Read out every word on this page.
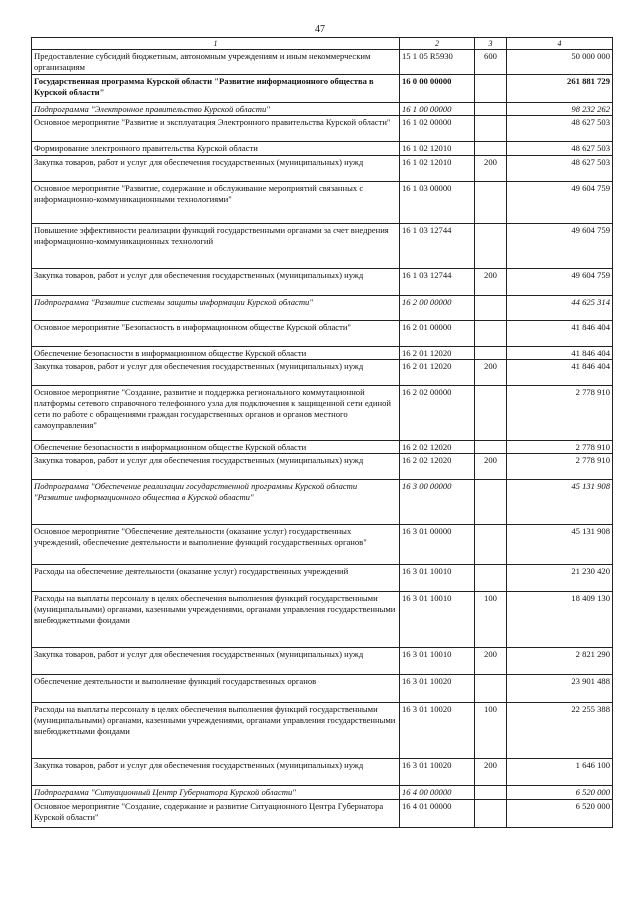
47
1	2	3	4
Предоставление субсидий бюджетным, автономным учреждениям и иным некоммерческим организациям	15 1 05 R5930	600	50 000 000
Государственная программа Курской области "Развитие информационного общества в Курской области"	16 0 00 00000		261 881 729
Подпрограмма "Электронное правительство Курской области"	16 1 00 00000		98 232 262
Основное мероприятие "Развитие и эксплуатация Электронного правительства Курской области"	16 1 02 00000		48 627 503
Формирование электронного правительства Курской области	16 1 02 12010		48 627 503
Закупка товаров, работ и услуг для обеспечения государственных (муниципальных) нужд	16 1 02 12010	200	48 627 503
Основное мероприятие "Развитие, содержание и обслуживание мероприятий связанных с информационно-коммуникационными технологиями"	16 1 03 00000		49 604 759
Повышение эффективности реализации функций государственными органами за счет внедрения информационно-коммуникационных технологий	16 1 03 12744		49 604 759
Закупка товаров, работ и услуг для обеспечения государственных (муниципальных) нужд	16 1 03 12744	200	49 604 759
Подпрограмма "Развитие системы защиты информации Курской области"	16 2 00 00000		44 625 314
Основное мероприятие "Безопасность в информационном обществе Курской области"	16 2 01 00000		41 846 404
Обеспечение безопасности в информационном обществе Курской области	16 2 01 12020		41 846 404
Закупка товаров, работ и услуг для обеспечения государственных (муниципальных) нужд	16 2 01 12020	200	41 846 404
Основное мероприятие "Создание, развитие и поддержка регионального коммутационной платформы сетевого справочного телефонного узла для подключения к защищенной сети единой сети по работе с обращениями граждан государственных органов и органов местного самоуправления"	16 2 02 00000		2 778 910
Обеспечение безопасности в информационном обществе Курской области	16 2 02 12020		2 778 910
Закупка товаров, работ и услуг для обеспечения государственных (муниципальных) нужд	16 2 02 12020	200	2 778 910
Подпрограмма "Обеспечение реализации государственной программы Курской области "Развитие информационного общества в Курской области"	16 3 00 00000		45 131 908
Основное мероприятие "Обеспечение деятельности (оказание услуг) государственных учреждений, обеспечение деятельности и выполнение функций государственных органов"	16 3 01 00000		45 131 908
Расходы на обеспечение деятельности (оказание услуг) государственных учреждений	16 3 01 10010		21 230 420
Расходы на выплаты персоналу в целях обеспечения выполнения функций государственными (муниципальными) органами, казенными учреждениями, органами управления государственными внебюджетными фондами	16 3 01 10010	100	18 409 130
Закупка товаров, работ и услуг для обеспечения государственных (муниципальных) нужд	16 3 01 10010	200	2 821 290
Обеспечение деятельности и выполнение функций государственных органов	16 3 01 10020		23 901 488
Расходы на выплаты персоналу в целях обеспечения выполнения функций государственными (муниципальными) органами, казенными учреждениями, органами управления государственными внебюджетными фондами	16 3 01 10020	100	22 255 388
Закупка товаров, работ и услуг для обеспечения государственных (муниципальных) нужд	16 3 01 10020	200	1 646 100
Подпрограмма "Ситуационный Центр Губернатора Курской области"	16 4 00 00000		6 520 000
Основное мероприятие "Создание, содержание и развитие Ситуационного Центра Губернатора Курской области"	16 4 01 00000		6 520 000
